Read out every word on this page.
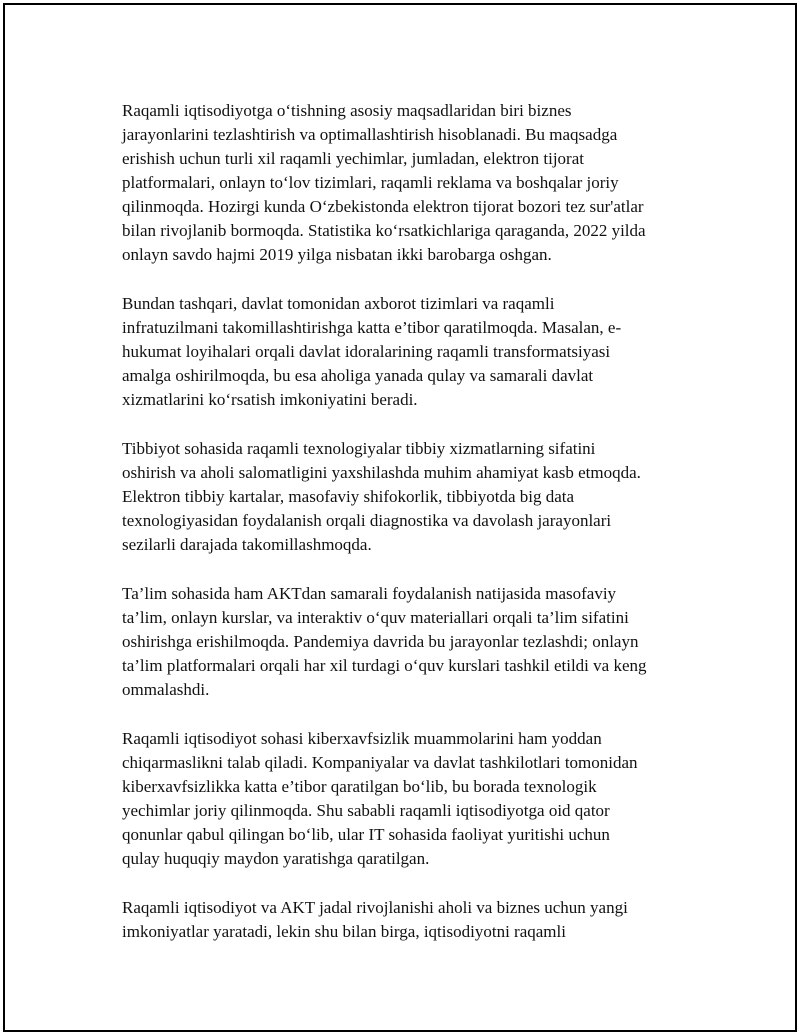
Raqamli iqtisodiyotga oʻtishning asosiy maqsadlaridan biri biznes
jarayonlarini tezlashtirish va optimallashtirish hisoblanadi. Bu maqsadga
erishish uchun turli xil raqamli yechimlar, jumladan, elektron tijorat
platformalari, onlayn toʻlov tizimlari, raqamli reklama va boshqalar joriy
qilinmoqda. Hozirgi kunda Oʻzbekistonda elektron tijorat bozori tez sur'atlar
bilan rivojlanib bormoqda. Statistika koʻrsatkichlariga qaraganda, 2022 yilda
onlayn savdo hajmi 2019 yilga nisbatan ikki barobarga oshgan.

Bundan tashqari, davlat tomonidan axborot tizimlari va raqamli
infratuzilmani takomillashtirishga katta e’tibor qaratilmoqda. Masalan, e-
hukumat loyihalari orqali davlat idoralarining raqamli transformatsiyasi
amalga oshirilmoqda, bu esa aholiga yanada qulay va samarali davlat
xizmatlarini koʻrsatish imkoniyatini beradi.

Tibbiyot sohasida raqamli texnologiyalar tibbiy xizmatlarning sifatini
oshirish va aholi salomatligini yaxshilashda muhim ahamiyat kasb etmoqda.
Elektron tibbiy kartalar, masofaviy shifokorlik, tibbiyotda big data
texnologiyasidan foydalanish orqali diagnostika va davolash jarayonlari
sezilarli darajada takomillashmoqda.

Ta’lim sohasida ham AKTdan samarali foydalanish natijasida masofaviy
ta’lim, onlayn kurslar, va interaktiv oʻquv materiallari orqali ta’lim sifatini
oshirishga erishilmoqda. Pandemiya davrida bu jarayonlar tezlashdi; onlayn
ta’lim platformalari orqali har xil turdagi oʻquv kurslari tashkil etildi va keng
ommalashdi.

Raqamli iqtisodiyot sohasi kiberxavfsizlik muammolarini ham yoddan
chiqarmaslikni talab qiladi. Kompaniyalar va davlat tashkilotlari tomonidan
kiberxavfsizlikka katta e’tibor qaratilgan boʻlib, bu borada texnologik
yechimlar joriy qilinmoqda. Shu sababli raqamli iqtisodiyotga oid qator
qonunlar qabul qilingan boʻlib, ular IT sohasida faoliyat yuritishi uchun
qulay huquqiy maydon yaratishga qaratilgan.

Raqamli iqtisodiyot va AKT jadal rivojlanishi aholi va biznes uchun yangi
imkoniyatlar yaratadi, lekin shu bilan birga, iqtisodiyotni raqamli
